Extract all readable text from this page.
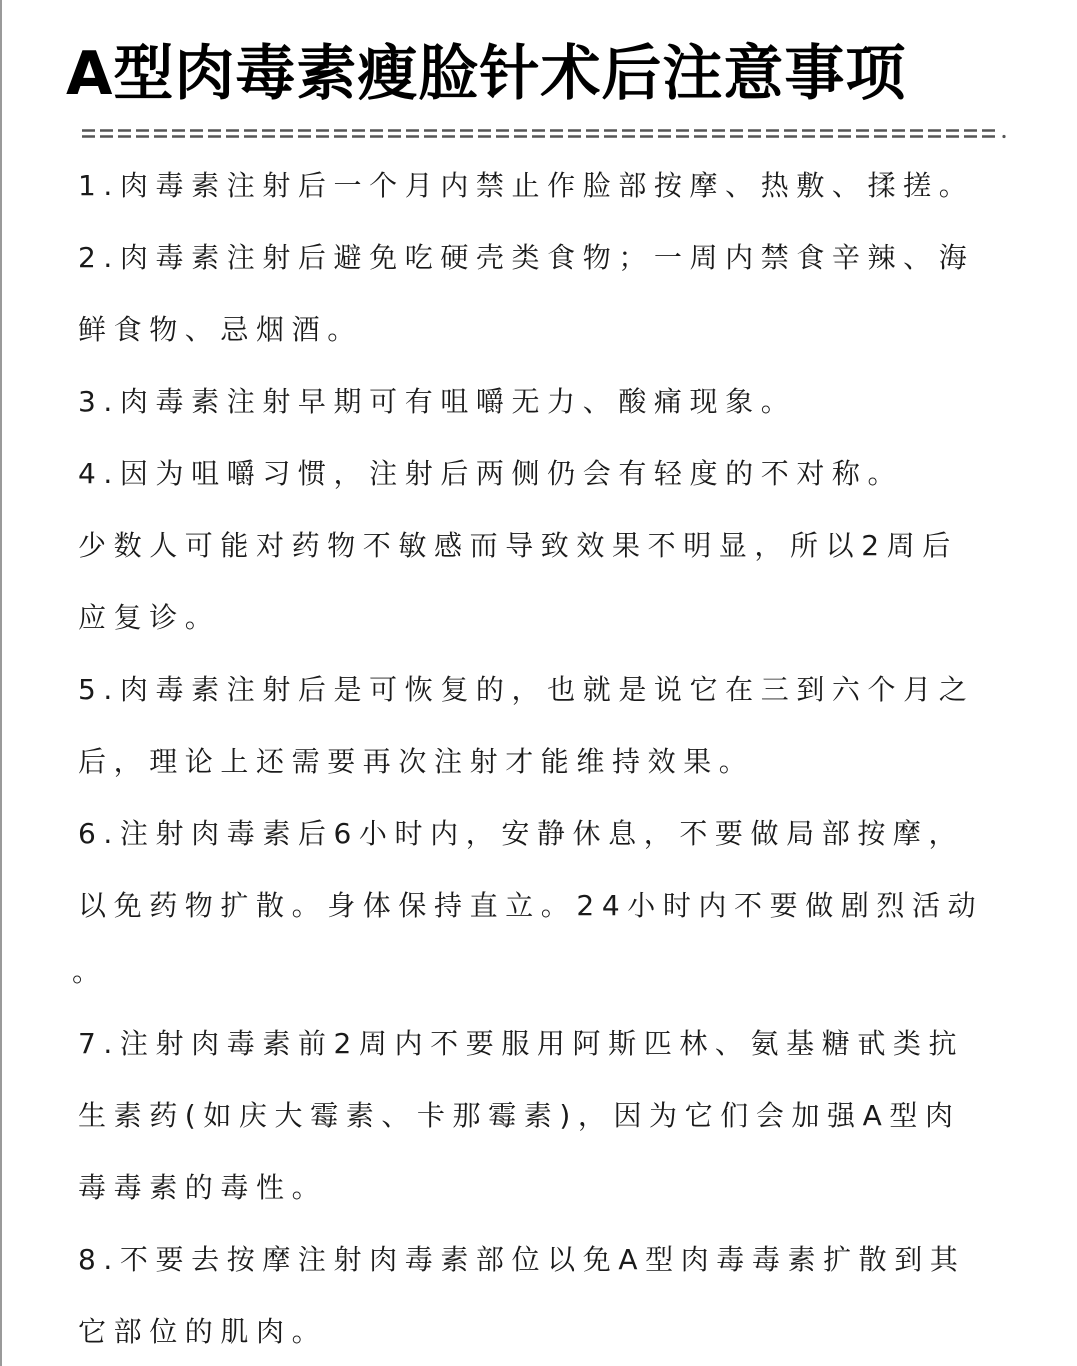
A型肉毒素瘦脸针术后注意事项
1.肉毒素注射后一个月内禁止作脸部按摩、热敷、揉搓。
2.肉毒素注射后避免吃硬壳类食物；一周内禁食辛辣、海
鲜食物、忌烟酒。
3.肉毒素注射早期可有咀嚼无力、酸痛现象。
4.因为咀嚼习惯，注射后两侧仍会有轻度的不对称。
少数人可能对药物不敏感而导致效果不明显，所以2周后
应复诊。
5.肉毒素注射后是可恢复的，也就是说它在三到六个月之
后，理论上还需要再次注射才能维持效果。
6.注射肉毒素后6小时内，安静休息，不要做局部按摩，
以免药物扩散。身体保持直立。24小时内不要做剧烈活动
。
7.注射肉毒素前2周内不要服用阿斯匹林、氨基糖甙类抗
生素药(如庆大霉素、卡那霉素)，因为它们会加强A型肉
毒毒素的毒性。
8.不要去按摩注射肉毒素部位以免A型肉毒毒素扩散到其
它部位的肌肉。
